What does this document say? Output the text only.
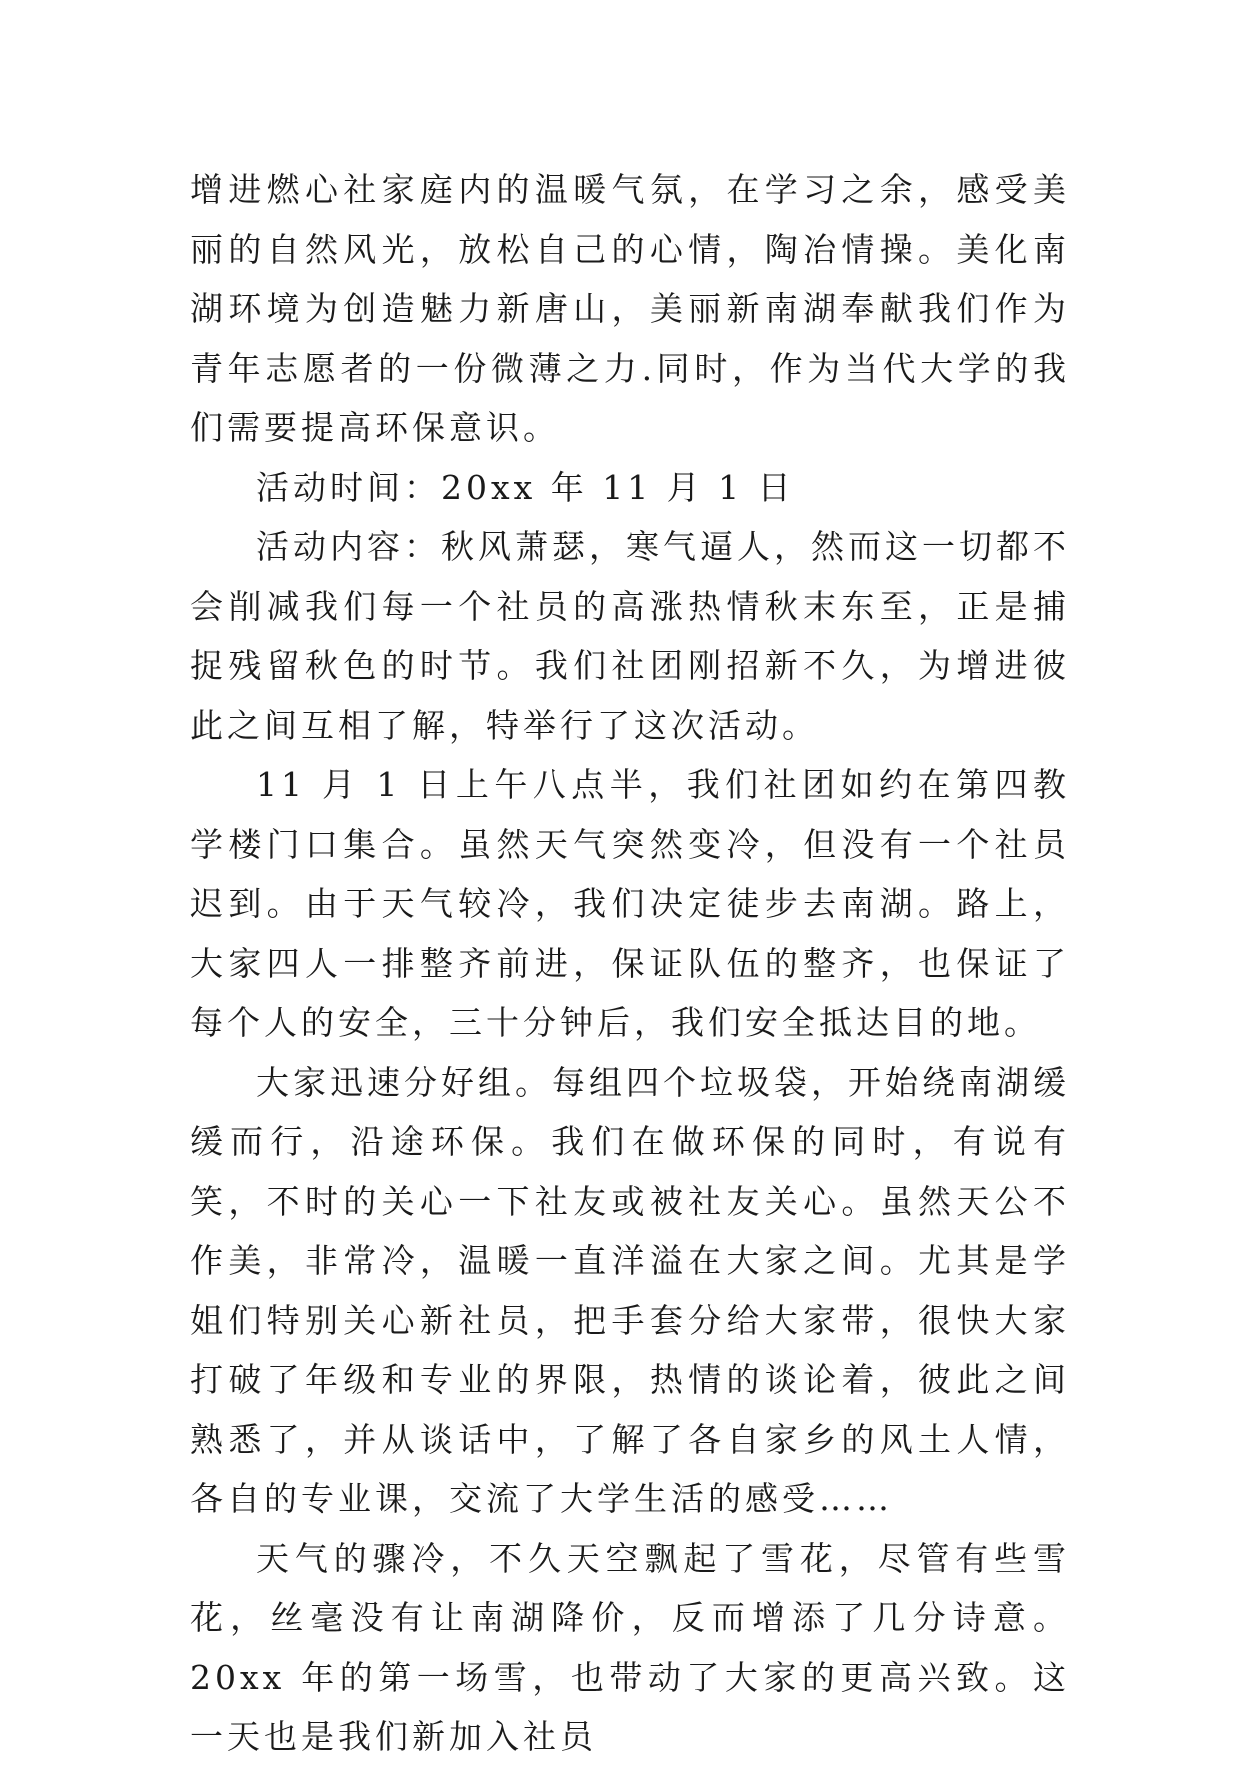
增进燃心社家庭内的温暖气氛，在学习之余，感受美丽的自然风光，放松自己的心情，陶冶情操。美化南湖环境为创造魅力新唐山，美丽新南湖奉献我们作为青年志愿者的一份微薄之力.同时，作为当代大学的我们需要提高环保意识。

活动时间：20xx 年 11 月 1 日

活动内容：秋风萧瑟，寒气逼人，然而这一切都不会削减我们每一个社员的高涨热情秋末东至，正是捕捉残留秋色的时节。我们社团刚招新不久，为增进彼此之间互相了解，特举行了这次活动。

11 月 1 日上午八点半，我们社团如约在第四教学楼门口集合。虽然天气突然变冷，但没有一个社员迟到。由于天气较冷，我们决定徒步去南湖。路上，大家四人一排整齐前进，保证队伍的整齐，也保证了每个人的安全，三十分钟后，我们安全抵达目的地。

大家迅速分好组。每组四个垃圾袋，开始绕南湖缓缓而行，沿途环保。我们在做环保的同时，有说有笑，不时的关心一下社友或被社友关心。虽然天公不作美，非常冷，温暖一直洋溢在大家之间。尤其是学姐们特别关心新社员，把手套分给大家带，很快大家打破了年级和专业的界限，热情的谈论着，彼此之间熟悉了，并从谈话中，了解了各自家乡的风土人情，各自的专业课，交流了大学生活的感受……

天气的骤冷，不久天空飘起了雪花，尽管有些雪花，丝毫没有让南湖降价，反而增添了几分诗意。20xx 年的第一场雪，也带动了大家的更高兴致。这一天也是我们新加入社员
